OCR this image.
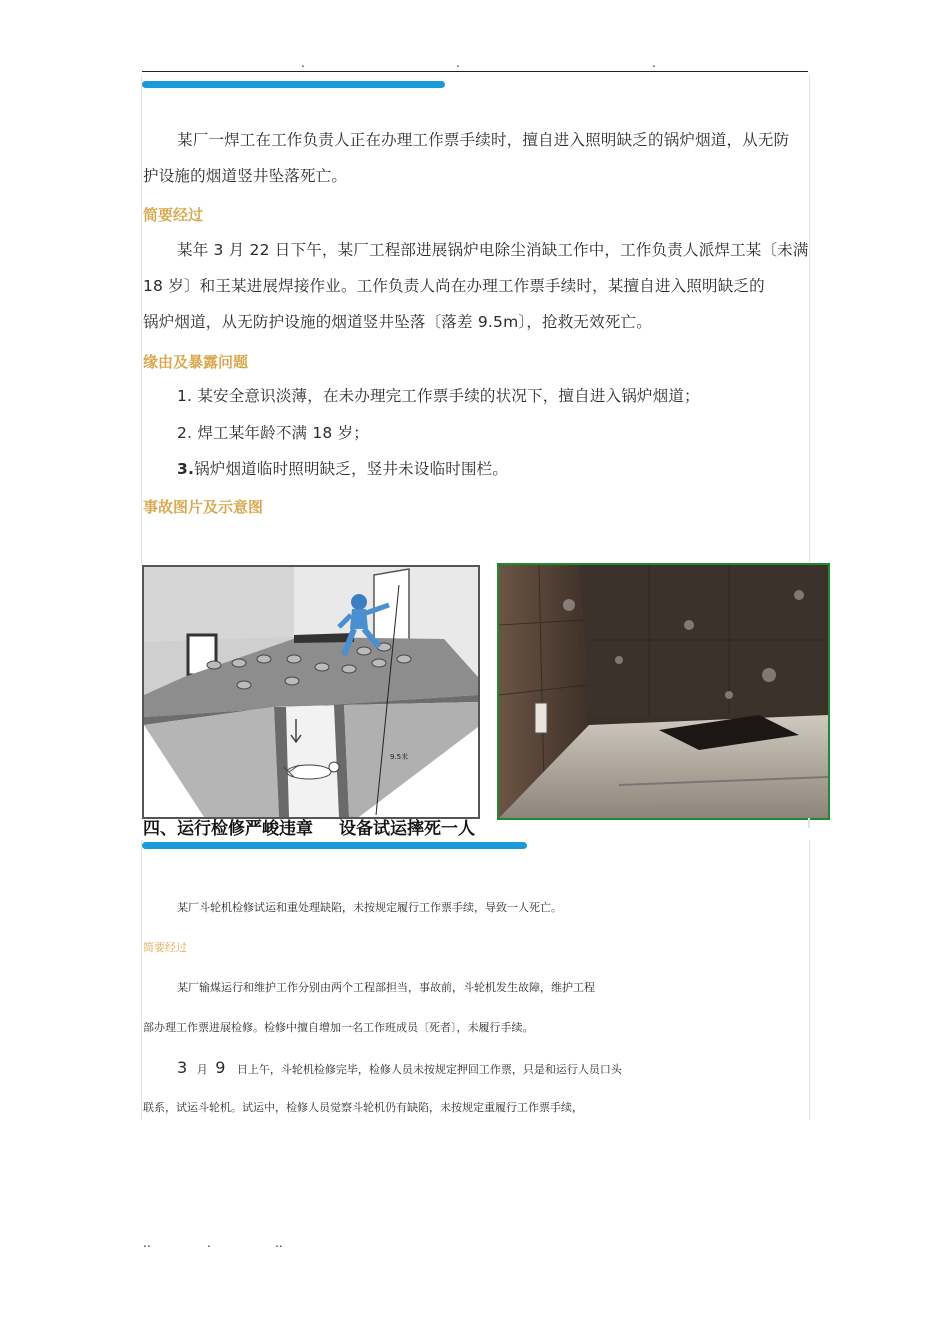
.	.	.
某厂一焊工在工作负责人正在办理工作票手续时，擅自进入照明缺乏的锅炉烟道，从无防
护设施的烟道竖井坠落死亡。
简要经过
某年 3 月 22 日下午，某厂工程部进展锅炉电除尘消缺工作中，工作负责人派焊工某〔未满
18 岁〕和王某进展焊接作业。工作负责人尚在办理工作票手续时，某擅自进入照明缺乏的
锅炉烟道，从无防护设施的烟道竖井坠落〔落差 9.5m〕，抢救无效死亡。
缘由及暴露问题
1. 某安全意识淡薄，在未办理完工作票手续的状况下，擅自进入锅炉烟道；
2. 焊工某年龄不满 18 岁；
3.锅炉烟道临时照明缺乏，竖井未设临时围栏。
事故图片及示意图
9.5米
四、运行检修严峻违章 设备试运摔死一人
某厂斗轮机检修试运和重处理缺陷，未按规定履行工作票手续，导致一人死亡。
简要经过
某厂输煤运行和维护工作分别由两个工程部担当，事故前，斗轮机发生故障，维护工程
部办理工作票进展检修。检修中擅自增加一名工作班成员〔死者〕，未履行手续。
3 月 9 日上午，斗轮机检修完毕，检修人员未按规定押回工作票，只是和运行人员口头
联系，试运斗轮机。试运中，检修人员觉察斗轮机仍有缺陷，未按规定重履行工作票手续，
..	.	..
